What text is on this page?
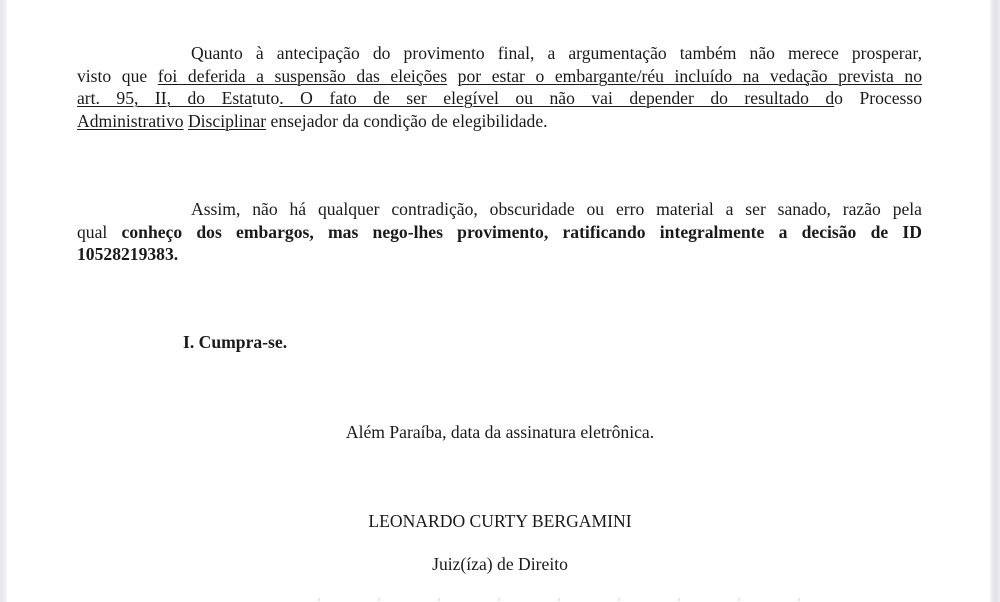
Quanto à antecipação do provimento final, a argumentação também não merece prosperar,
visto que foi deferida a suspensão das eleições por estar o embargante/réu incluído na vedação prevista no
art. 95, II, do Estatuto. O fato de ser elegível ou não vai depender do resultado do Processo
Administrativo Disciplinar ensejador da condição de elegibilidade.
Assim, não há qualquer contradição, obscuridade ou erro material a ser sanado, razão pela
qual conheço dos embargos, mas nego-lhes provimento, ratificando integralmente a decisão de ID
10528219383.
I. Cumpra-se.
Além Paraíba, data da assinatura eletrônica.
LEONARDO CURTY BERGAMINI
Juiz(íza) de Direito
